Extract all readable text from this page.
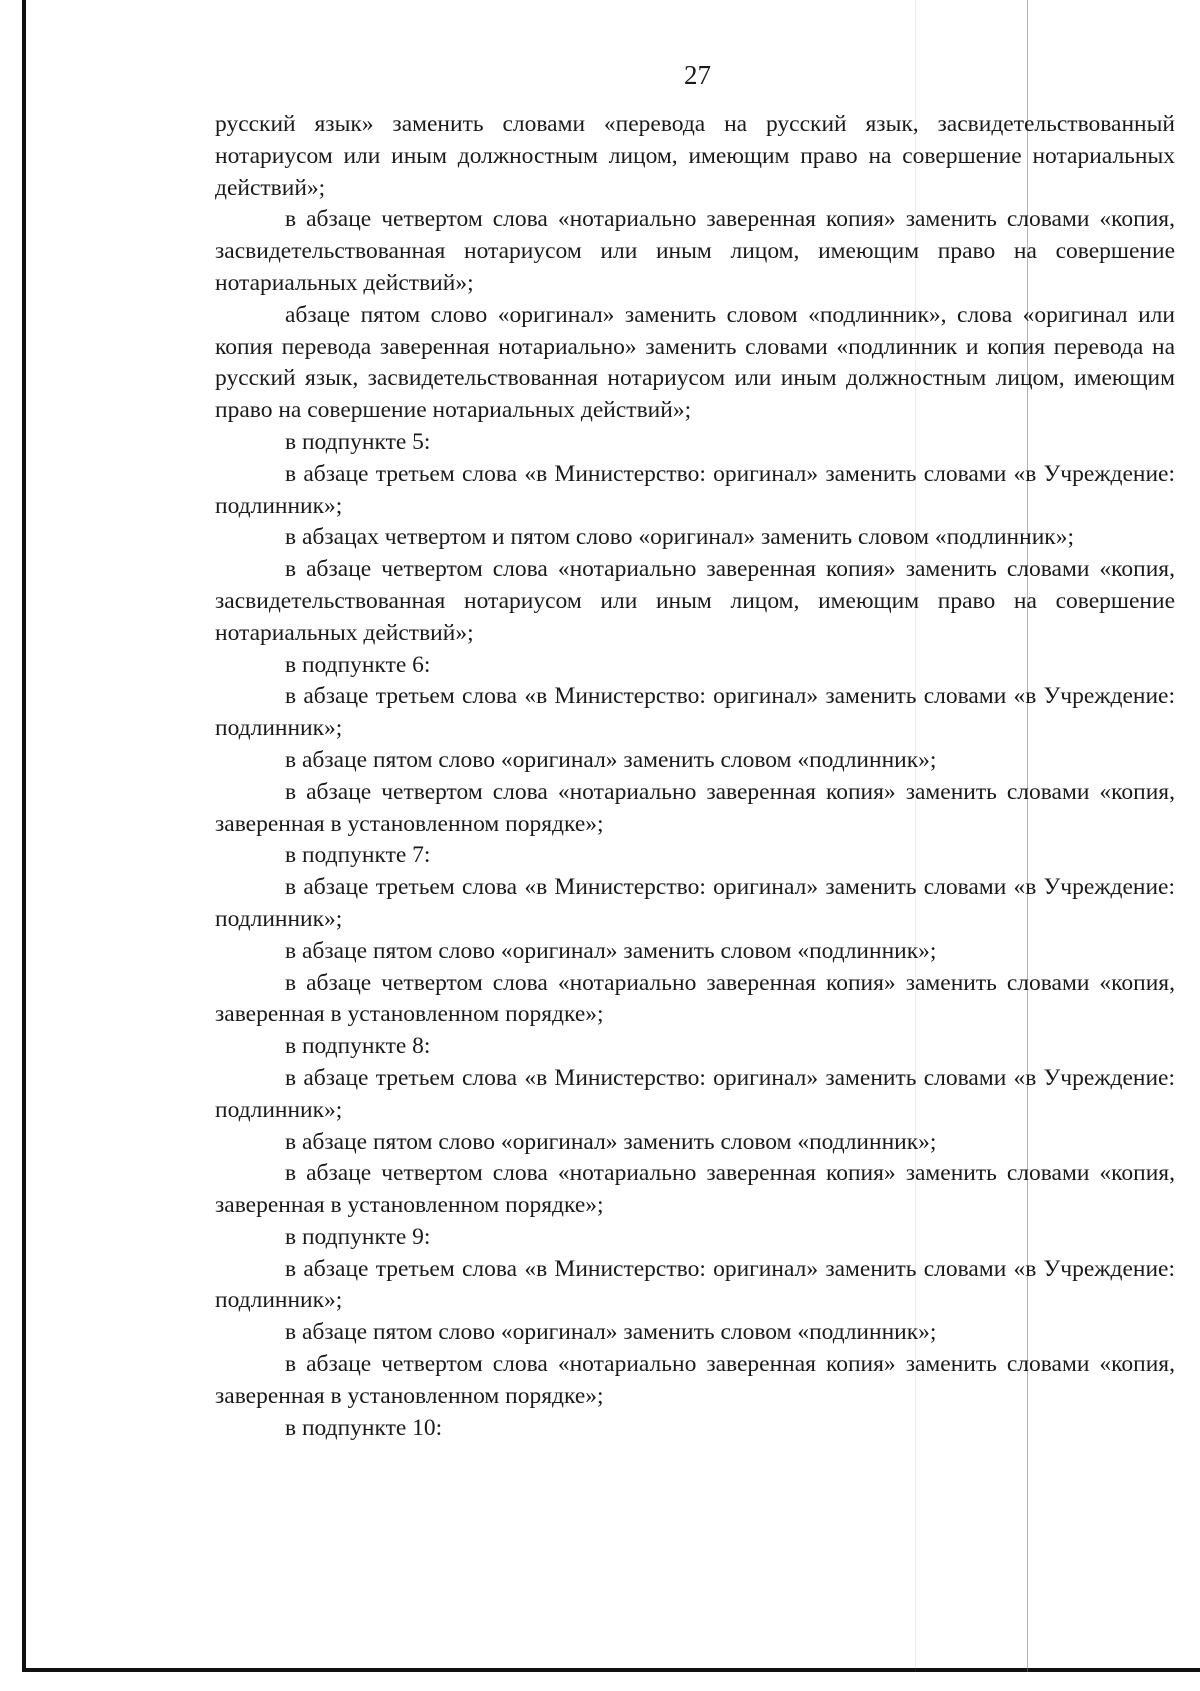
27

русский язык» заменить словами «перевода на русский язык, засвидетельствованный нотариусом или иным должностным лицом, имеющим право на совершение нотариальных действий»;

в абзаце четвертом слова «нотариально заверенная копия» заменить словами «копия, засвидетельствованная нотариусом или иным лицом, имеющим право на совершение нотариальных действий»;

абзаце пятом слово «оригинал» заменить словом «подлинник», слова «оригинал или копия перевода заверенная нотариально» заменить словами «подлинник и копия перевода на русский язык, засвидетельствованная нотариусом или иным должностным лицом, имеющим право на совершение нотариальных действий»;

в подпункте 5:

в абзаце третьем слова «в Министерство: оригинал» заменить словами «в Учреждение: подлинник»;

в абзацах четвертом и пятом слово «оригинал» заменить словом «подлинник»;

в абзаце четвертом слова «нотариально заверенная копия» заменить словами «копия, засвидетельствованная нотариусом или иным лицом, имеющим право на совершение нотариальных действий»;

в подпункте 6:

в абзаце третьем слова «в Министерство: оригинал» заменить словами «в Учреждение: подлинник»;

в абзаце пятом слово «оригинал» заменить словом «подлинник»;

в абзаце четвертом слова «нотариально заверенная копия» заменить словами «копия, заверенная в установленном порядке»;

в подпункте 7:

в абзаце третьем слова «в Министерство: оригинал» заменить словами «в Учреждение: подлинник»;

в абзаце пятом слово «оригинал» заменить словом «подлинник»;

в абзаце четвертом слова «нотариально заверенная копия» заменить словами «копия, заверенная в установленном порядке»;

в подпункте 8:

в абзаце третьем слова «в Министерство: оригинал» заменить словами «в Учреждение: подлинник»;

в абзаце пятом слово «оригинал» заменить словом «подлинник»;

в абзаце четвертом слова «нотариально заверенная копия» заменить словами «копия, заверенная в установленном порядке»;

в подпункте 9:

в абзаце третьем слова «в Министерство: оригинал» заменить словами «в Учреждение: подлинник»;

в абзаце пятом слово «оригинал» заменить словом «подлинник»;

в абзаце четвертом слова «нотариально заверенная копия» заменить словами «копия, заверенная в установленном порядке»;

в подпункте 10:
